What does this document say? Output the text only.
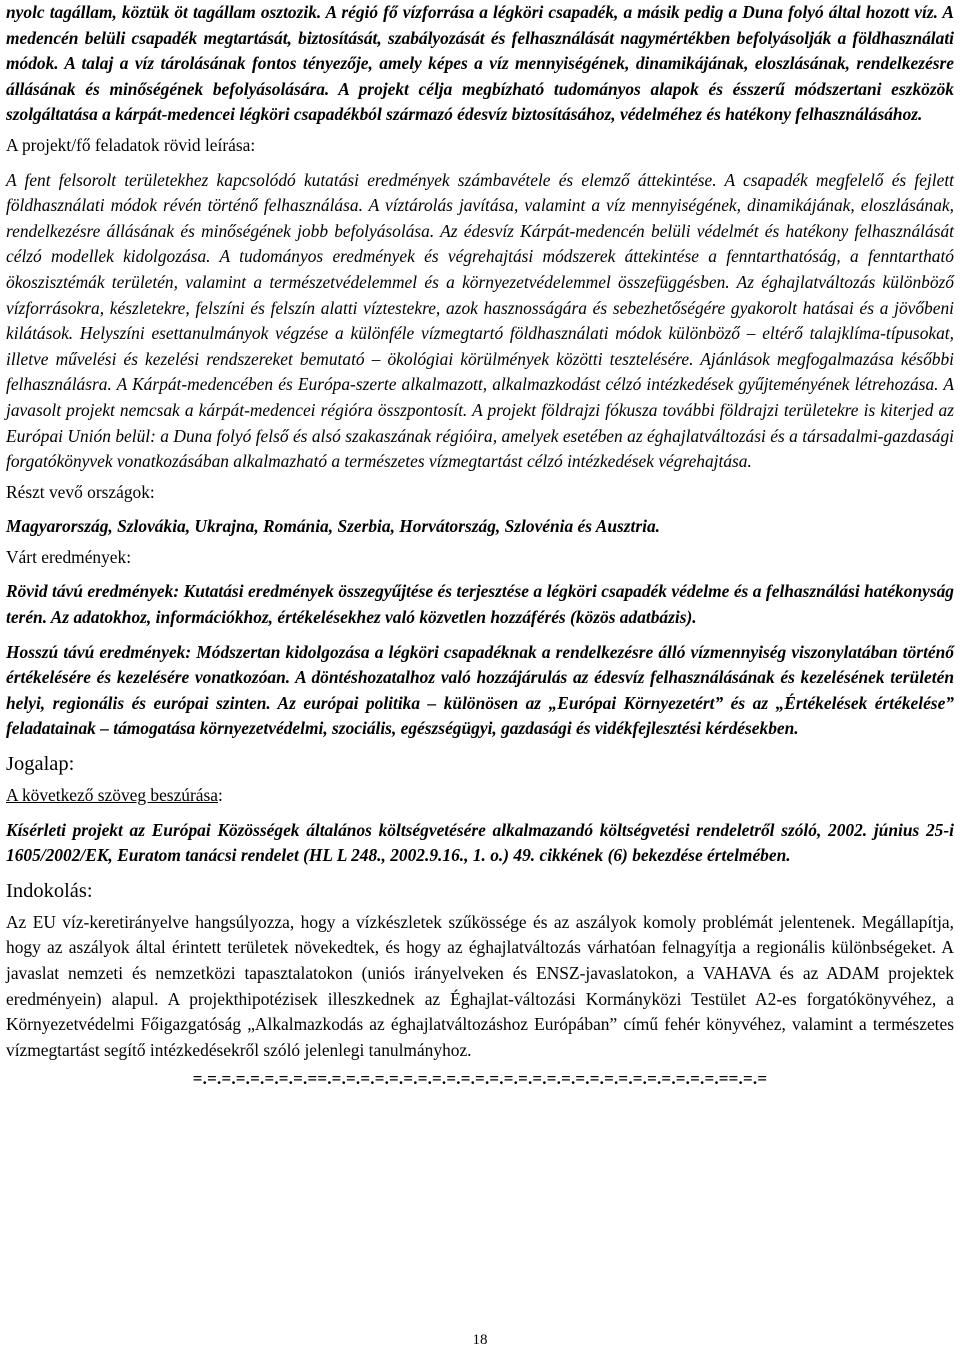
nyolc tagállam, köztük öt tagállam osztozik. A régió fő vízforrása a légköri csapadék, a másik pedig a Duna folyó által hozott víz. A medencén belüli csapadék megtartását, biztosítását, szabályozását és felhasználását nagymértékben befolyásolják a földhasználati módok. A talaj a víz tárolásának fontos tényezője, amely képes a víz mennyiségének, dinamikájának, eloszlásának, rendelkezésre állásának és minőségének befolyásolására. A projekt célja megbízható tudományos alapok és ésszerű módszertani eszközök szolgáltatása a kárpát-medencei légköri csapadékból származó édesvíz biztosításához, védelméhez és hatékony felhasználásához.

A projekt/fő feladatok rövid leírása:

A fent felsorolt területekhez kapcsolódó kutatási eredmények számbavétele és elemző áttekintése. A csapadék megfelelő és fejlett földhasználati módok révén történő felhasználása. A víztárolás javítása, valamint a víz mennyiségének, dinamikájának, eloszlásának, rendelkezésre állásának és minőségének jobb befolyásolása. Az édesvíz Kárpát-medencén belüli védelmét és hatékony felhasználását célzó modellek kidolgozása. A tudományos eredmények és végrehajtási módszerek áttekintése a fenntarthatóság, a fenntartható ökoszisztémák területén, valamint a természetvédelemmel és a környezetvédelemmel összefüggésben. Az éghajlatváltozás különböző vízforrásokra, készletekre, felszíni és felszín alatti víztestekre, azok hasznosságára és sebezhetőségére gyakorolt hatásai és a jövőbeni kilátások. Helyszíni esettanulmányok végzése a különféle vízmegtartó földhasználati módok különböző – eltérő talajklíma-típusokat, illetve művelési és kezelési rendszereket bemutató – ökológiai körülmények közötti tesztelésére. Ajánlások megfogalmazása későbbi felhasználásra. A Kárpát-medencében és Európa-szerte alkalmazott, alkalmazkodást célzó intézkedések gyűjteményének létrehozása. A javasolt projekt nemcsak a kárpát-medencei régióra összpontosít. A projekt földrajzi fókusza további földrajzi területekre is kiterjed az Európai Unión belül: a Duna folyó felső és alsó szakaszának régióira, amelyek esetében az éghajlatváltozási és a társadalmi-gazdasági forgatókönyvek vonatkozásában alkalmazható a természetes vízmegtartást célzó intézkedések végrehajtása.

Részt vevő országok:

Magyarország, Szlovákia, Ukrajna, Románia, Szerbia, Horvátország, Szlovénia és Ausztria.

Várt eredmények:

Rövid távú eredmények: Kutatási eredmények összegyűjtése és terjesztése a légköri csapadék védelme és a felhasználási hatékonyság terén. Az adatokhoz, információkhoz, értékelésekhez való közvetlen hozzáférés (közös adatbázis).

Hosszú távú eredmények: Módszertan kidolgozása a légköri csapadéknak a rendelkezésre álló vízmennyiség viszonylatában történő értékelésére és kezelésére vonatkozóan. A döntéshozatalhoz való hozzájárulás az édesvíz felhasználásának és kezelésének területén helyi, regionális és európai szinten. Az európai politika – különösen az „Európai Környezetért” és az „Értékelések értékelése” feladatainak – támogatása környezetvédelmi, szociális, egészségügyi, gazdasági és vidékfejlesztési kérdésekben.

Jogalap:

A következő szöveg beszúrása:

Kísérleti projekt az Európai Közösségek általános költségvetésére alkalmazandó költségvetési rendeletről szóló, 2002. június 25-i 1605/2002/EK, Euratom tanácsi rendelet (HL L 248., 2002.9.16., 1. o.) 49. cikkének (6) bekezdése értelmében.

Indokolás:

Az EU víz-keretirányelve hangsúlyozza, hogy a vízkészletek szűkössége és az aszályok komoly problémát jelentenek. Megállapítja, hogy az aszályok által érintett területek növekedtek, és hogy az éghajlatváltozás várhatóan felnagyítja a regionális különbségeket. A javaslat nemzeti és nemzetközi tapasztalatokon (uniós irányelveken és ENSZ-javaslatokon, a VAHAVA és az ADAM projektek eredményein) alapul. A projekthipotézisek illeszkednek az Éghajlat-változási Kormányközi Testület A2-es forgatókönyvéhez, a Környezetvédelmi Főigazgatóság „Alkalmazkodás az éghajlatváltozáshoz Európában” című fehér könyvéhez, valamint a természetes vízmegtartást segítő intézkedésekről szóló jelenlegi tanulmányhoz.

=.=.=.=.=.=.=.=.==.=.=.=.=.=.=.=.=.=.=.=.=.=.=.=.=.=.=.=.=.=.=.=.=.=.=.=.==.=.=

18
